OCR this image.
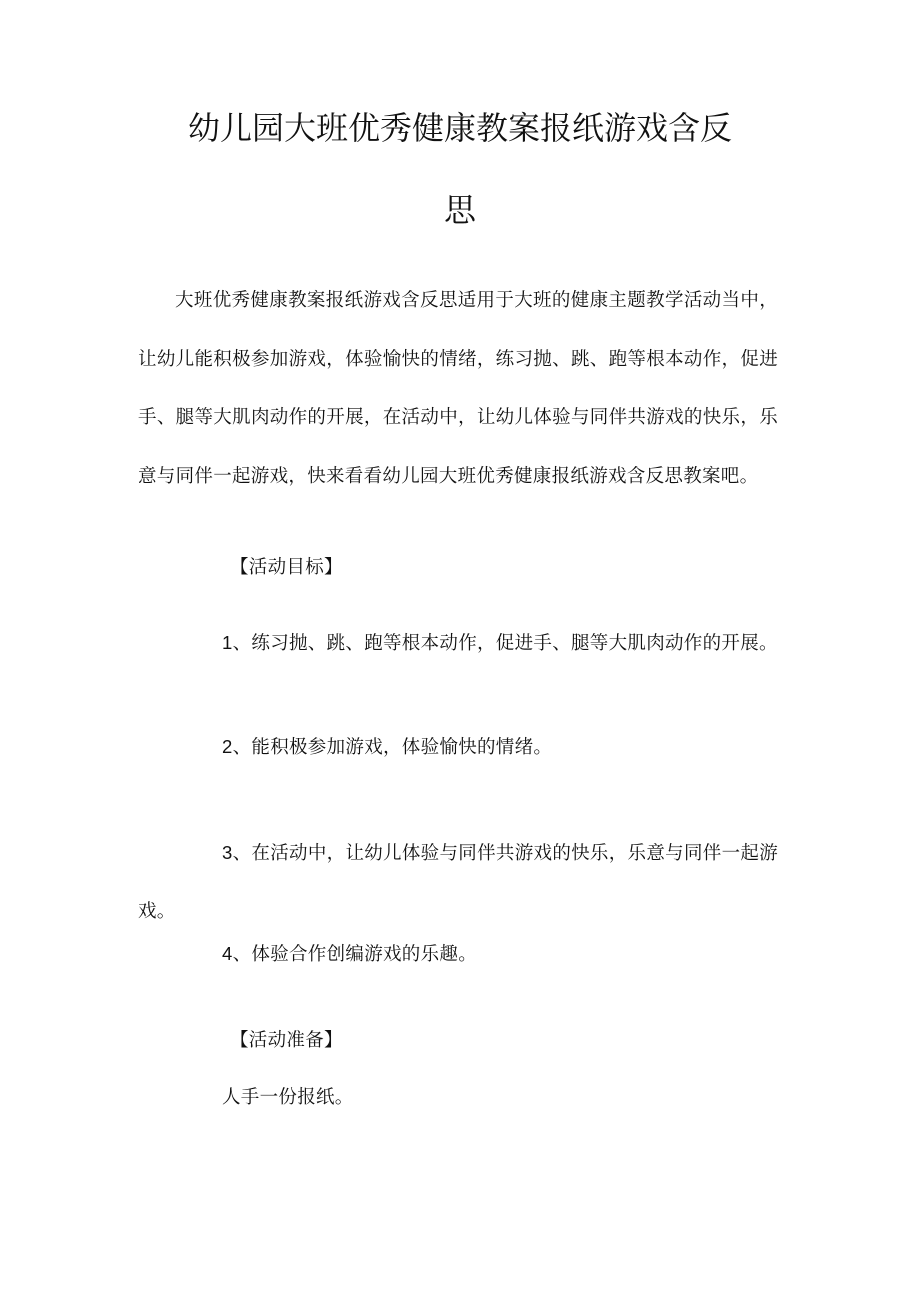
幼儿园大班优秀健康教案报纸游戏含反
思

大班优秀健康教案报纸游戏含反思适用于大班的健康主题教学活动当中，让幼儿能积极参加游戏，体验愉快的情绪，练习抛、跳、跑等根本动作，促进手、腿等大肌肉动作的开展，在活动中，让幼儿体验与同伴共游戏的快乐，乐意与同伴一起游戏，快来看看幼儿园大班优秀健康报纸游戏含反思教案吧。

【活动目标】

1、练习抛、跳、跑等根本动作，促进手、腿等大肌肉动作的开展。

2、能积极参加游戏，体验愉快的情绪。

3、在活动中，让幼儿体验与同伴共游戏的快乐，乐意与同伴一起游戏。

4、体验合作创编游戏的乐趣。

【活动准备】

人手一份报纸。
